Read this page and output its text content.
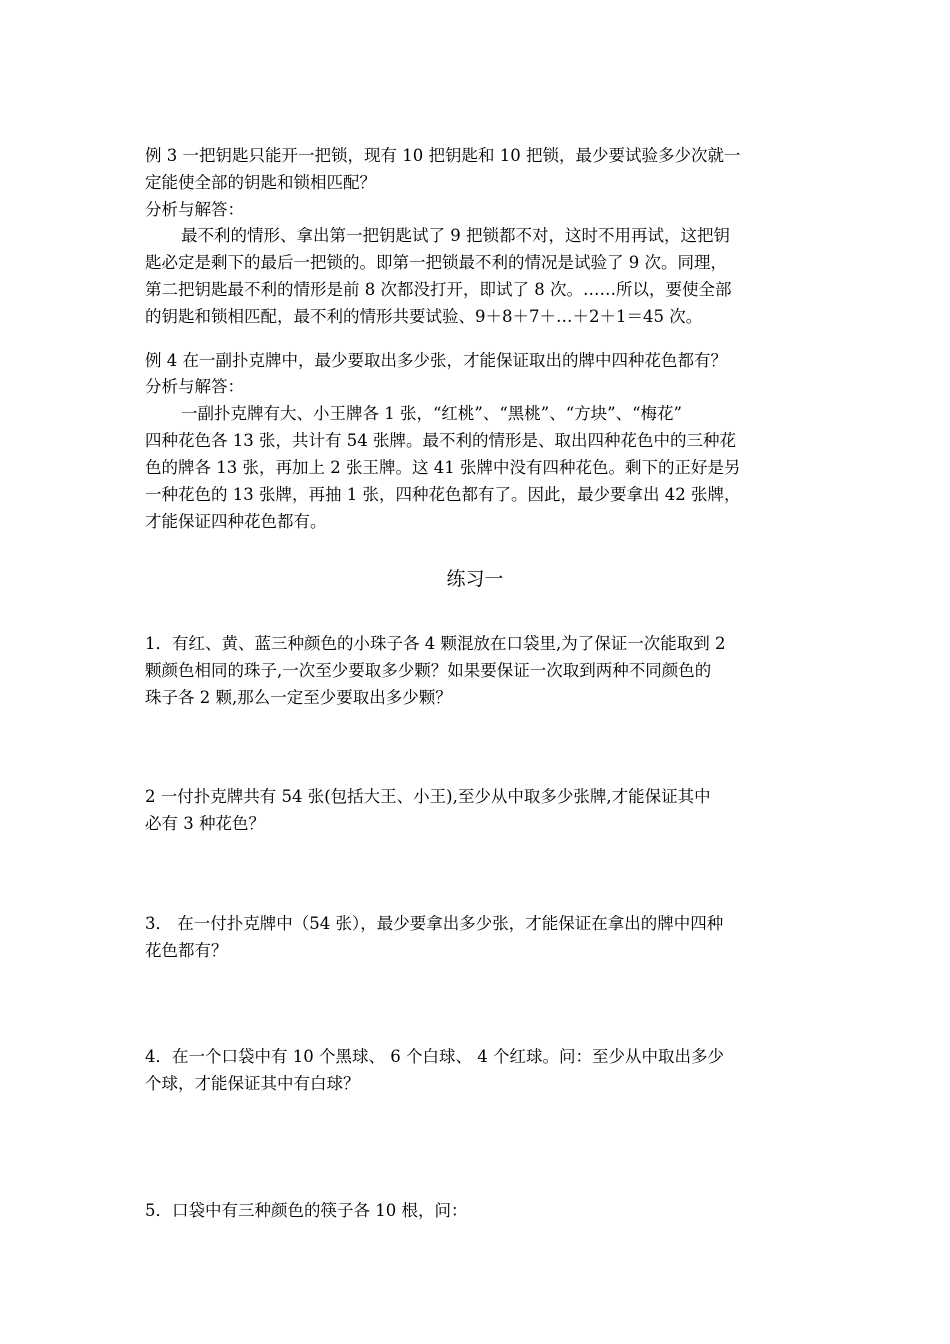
例 3 一把钥匙只能开一把锁，现有 10 把钥匙和 10 把锁，最少要试验多少次就一
定能使全部的钥匙和锁相匹配？
分析与解答：
最不利的情形、拿出第一把钥匙试了 9 把锁都不对，这时不用再试，这把钥
匙必定是剩下的最后一把锁的。即第一把锁最不利的情况是试验了 9 次。同理，
第二把钥匙最不利的情形是前 8 次都没打开，即试了 8 次。……所以，要使全部
的钥匙和锁相匹配，最不利的情形共要试验、9＋8＋7＋…＋2＋1＝45 次。
例 4 在一副扑克牌中，最少要取出多少张，才能保证取出的牌中四种花色都有？
分析与解答：
一副扑克牌有大、小王牌各 1 张，“红桃”、“黑桃”、“方块”、“梅花”
四种花色各 13 张，共计有 54 张牌。最不利的情形是、取出四种花色中的三种花
色的牌各 13 张，再加上 2 张王牌。这 41 张牌中没有四种花色。剩下的正好是另
一种花色的 13 张牌，再抽 1 张，四种花色都有了。因此，最少要拿出 42 张牌，
才能保证四种花色都有。
练习一
1．有红、黄、蓝三种颜色的小珠子各 4 颗混放在口袋里,为了保证一次能取到 2
颗颜色相同的珠子,一次至少要取多少颗？如果要保证一次取到两种不同颜色的
珠子各 2 颗,那么一定至少要取出多少颗？
2 一付扑克牌共有 54 张(包括大王、小王),至少从中取多少张牌,才能保证其中
必有 3 种花色？
3． 在一付扑克牌中（54 张），最少要拿出多少张，才能保证在拿出的牌中四种
花色都有？
4．在一个口袋中有 10 个黑球、 6 个白球、 4 个红球。问：至少从中取出多少
个球，才能保证其中有白球？
5．口袋中有三种颜色的筷子各 10 根，问：
